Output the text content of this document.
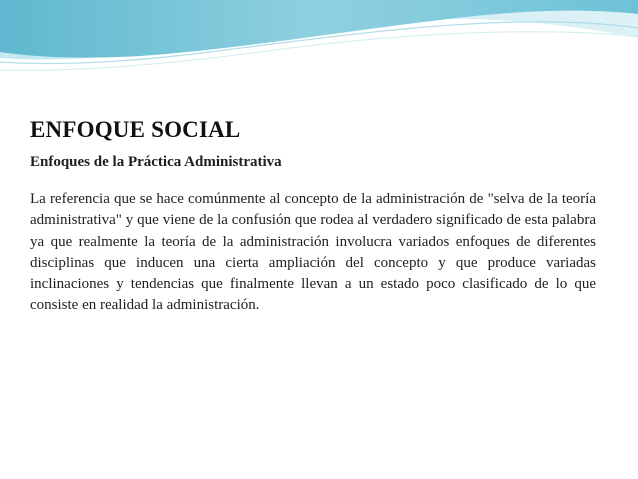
ENFOQUE SOCIAL

Enfoques de la Práctica Administrativa

La referencia que se hace comúnmente al concepto de la administración de "selva de la teoría administrativa" y que viene de la confusión que rodea al verdadero significado de esta palabra ya que realmente la teoría de la administración involucra variados enfoques de diferentes disciplinas que inducen una cierta ampliación del concepto y que produce variadas inclinaciones y tendencias que finalmente llevan a un estado poco clasificado de lo que consiste en realidad la administración.
